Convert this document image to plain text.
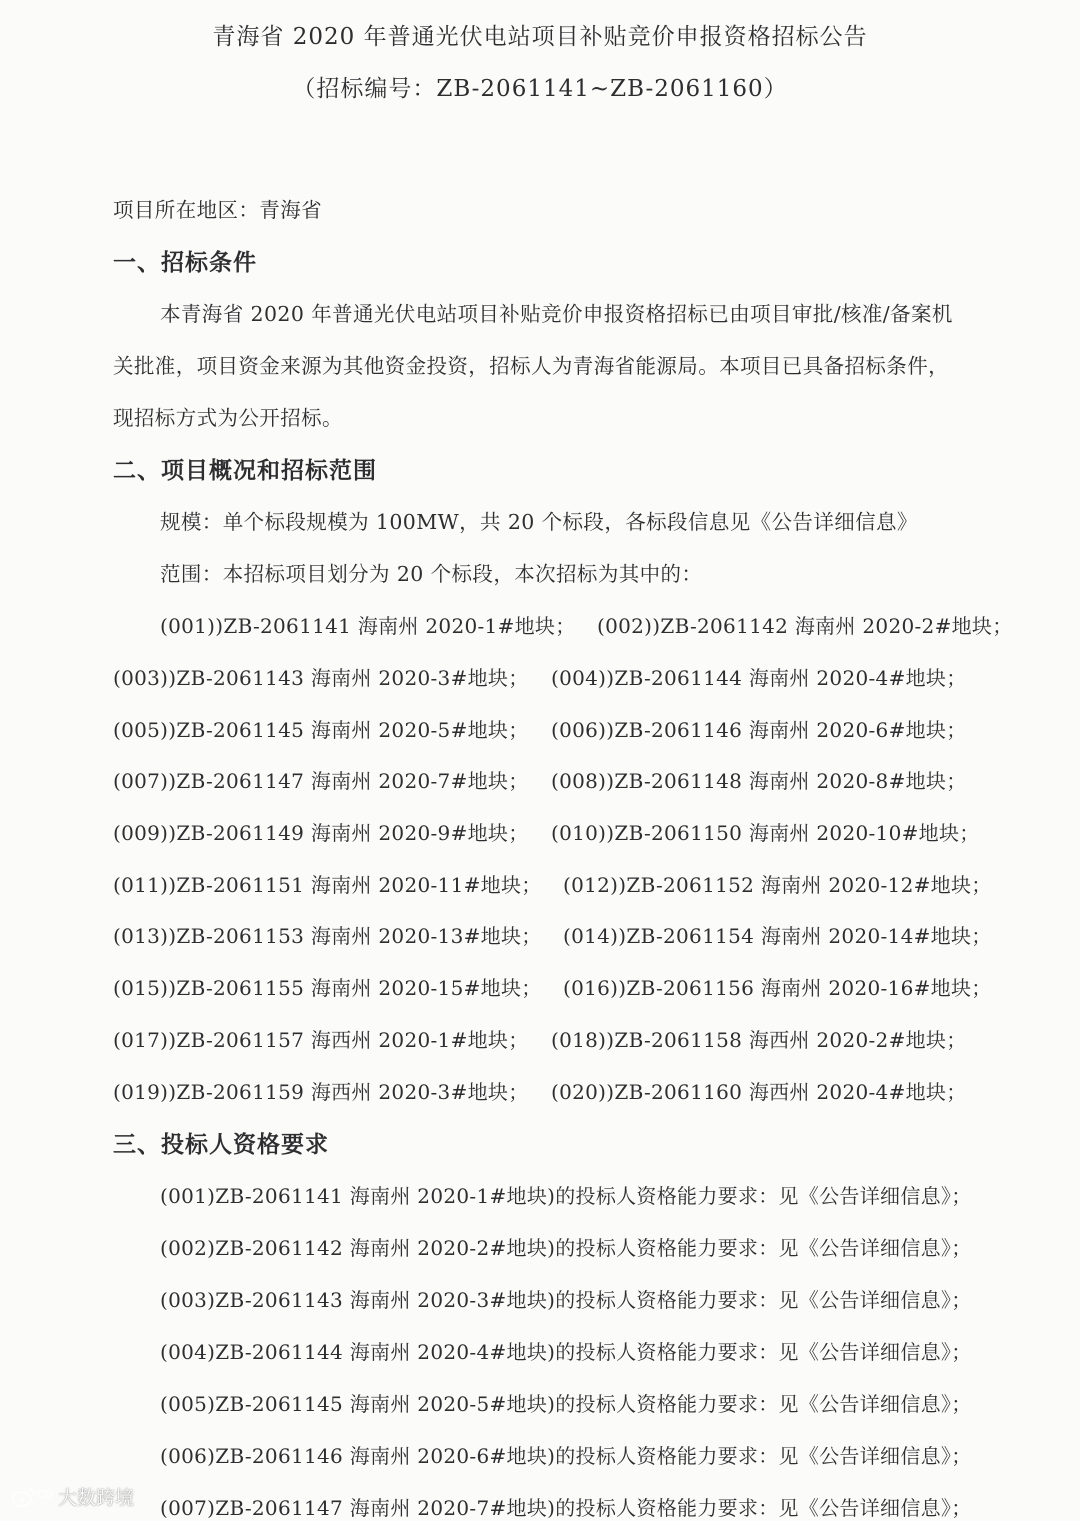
青海省 2020 年普通光伏电站项目补贴竞价申报资格招标公告
（招标编号：ZB-2061141~ZB-2061160）
项目所在地区：青海省
一、招标条件
本青海省 2020 年普通光伏电站项目补贴竞价申报资格招标已由项目审批/核准/备案机
关批准，项目资金来源为其他资金投资，招标人为青海省能源局。本项目已具备招标条件，
现招标方式为公开招标。
二、项目概况和招标范围
规模：单个标段规模为 100MW，共 20 个标段，各标段信息见《公告详细信息》
范围：本招标项目划分为 20 个标段，本次招标为其中的：
(001))ZB-2061141 海南州 2020-1#地块； (002))ZB-2061142 海南州 2020-2#地块；
(003))ZB-2061143 海南州 2020-3#地块； (004))ZB-2061144 海南州 2020-4#地块；
(005))ZB-2061145 海南州 2020-5#地块； (006))ZB-2061146 海南州 2020-6#地块；
(007))ZB-2061147 海南州 2020-7#地块； (008))ZB-2061148 海南州 2020-8#地块；
(009))ZB-2061149 海南州 2020-9#地块； (010))ZB-2061150 海南州 2020-10#地块；
(011))ZB-2061151 海南州 2020-11#地块； (012))ZB-2061152 海南州 2020-12#地块；
(013))ZB-2061153 海南州 2020-13#地块； (014))ZB-2061154 海南州 2020-14#地块；
(015))ZB-2061155 海南州 2020-15#地块； (016))ZB-2061156 海南州 2020-16#地块；
(017))ZB-2061157 海西州 2020-1#地块； (018))ZB-2061158 海西州 2020-2#地块；
(019))ZB-2061159 海西州 2020-3#地块； (020))ZB-2061160 海西州 2020-4#地块；
三、投标人资格要求
(001)ZB-2061141 海南州 2020-1#地块)的投标人资格能力要求：见《公告详细信息》；
(002)ZB-2061142 海南州 2020-2#地块)的投标人资格能力要求：见《公告详细信息》；
(003)ZB-2061143 海南州 2020-3#地块)的投标人资格能力要求：见《公告详细信息》；
(004)ZB-2061144 海南州 2020-4#地块)的投标人资格能力要求：见《公告详细信息》；
(005)ZB-2061145 海南州 2020-5#地块)的投标人资格能力要求：见《公告详细信息》；
(006)ZB-2061146 海南州 2020-6#地块)的投标人资格能力要求：见《公告详细信息》；
(007)ZB-2061147 海南州 2020-7#地块)的投标人资格能力要求：见《公告详细信息》；
大数跨境
